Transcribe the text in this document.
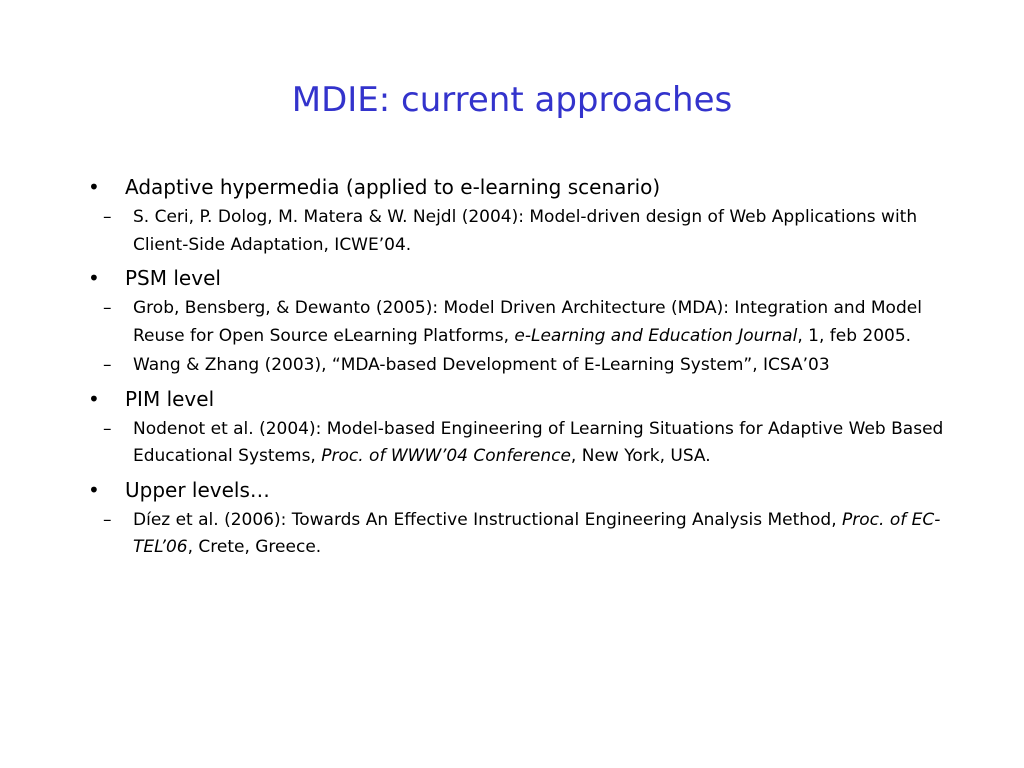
MDIE: current approaches
•	Adaptive hypermedia (applied to e-learning scenario)
– S. Ceri, P. Dolog, M. Matera & W. Nejdl (2004): Model-driven design of Web Applications with Client-Side Adaptation, ICWE’04.
•	PSM level
– Grob, Bensberg, & Dewanto (2005): Model Driven Architecture (MDA): Integration and Model Reuse for Open Source eLearning Platforms, e-Learning and Education Journal, 1, feb 2005.
– Wang & Zhang (2003), “MDA-based Development of E-Learning System”, ICSA’03
•	PIM level
– Nodenot et al. (2004): Model-based Engineering of Learning Situations for Adaptive Web Based Educational Systems, Proc. of WWW’04 Conference, New York, USA.
•	Upper levels…
– Díez et al. (2006): Towards An Effective Instructional Engineering Analysis Method, Proc. of EC-TEL’06, Crete, Greece.
